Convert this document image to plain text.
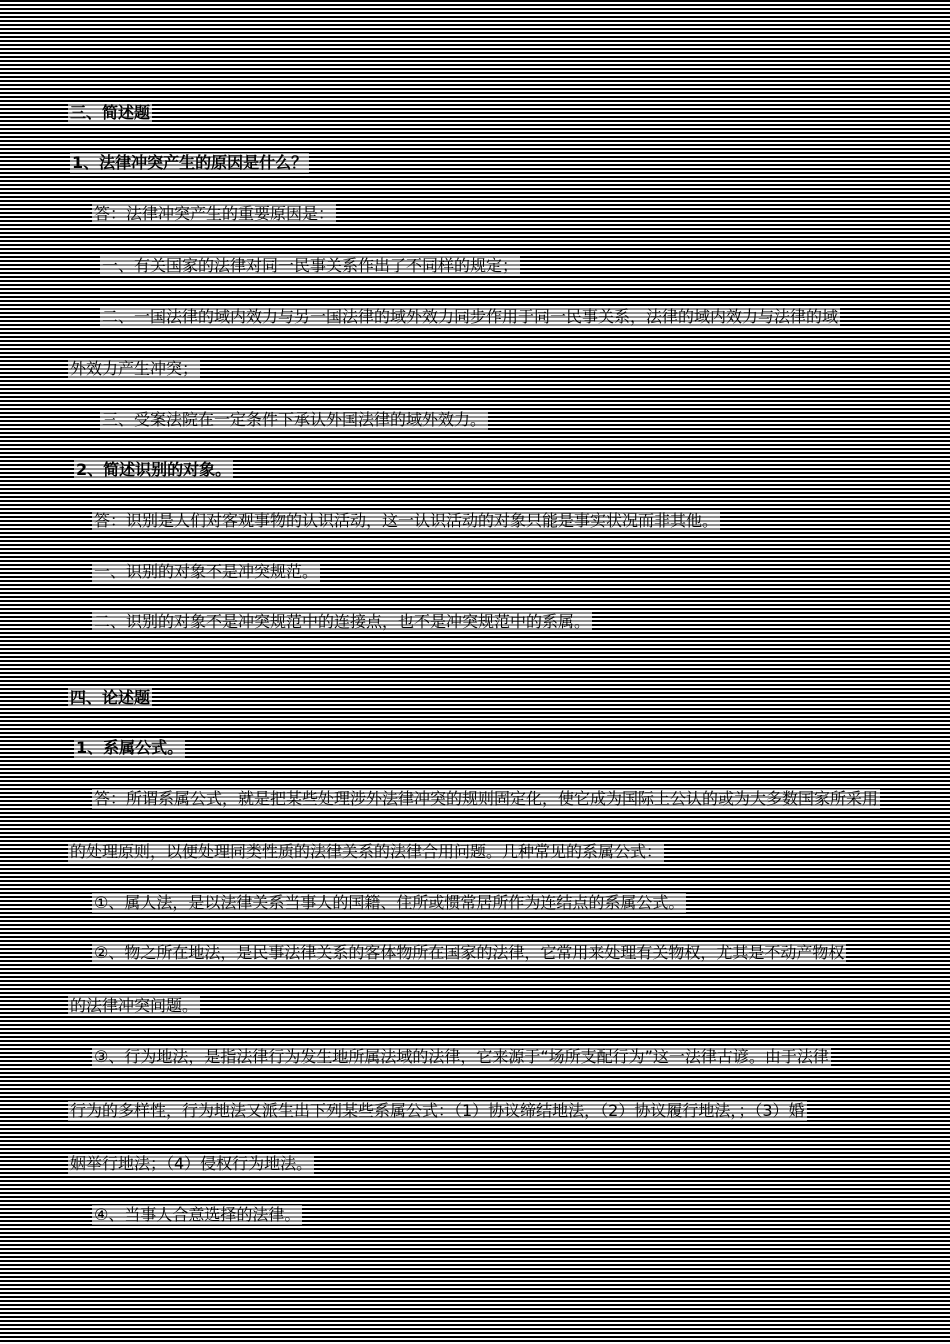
三、简述题
1、法律冲突产生的原因是什么？
答：法律冲突产生的重要原因是：
一、有关国家的法律对同一民事关系作出了不同样的规定；
二、一国法律的域内效力与另一国法律的域外效力同步作用于同一民事关系，法律的域内效力与法律的域
外效力产生冲突；
三、受案法院在一定条件下承认外国法律的域外效力。
2、简述识别的对象。
答：识别是人们对客观事物的认识活动，这一认识活动的对象只能是事实状况而非其他。
一、识别的对象不是冲突规范。
二、识别的对象不是冲突规范中的连接点，也不是冲突规范中的系属。
四、论述题
1、系属公式。
答：所谓系属公式，就是把某些处理涉外法律冲突的规则固定化，使它成为国际上公认的或为大多数国家所采用
的处理原则，以便处理同类性质的法律关系的法律合用问题。几种常见的系属公式：
①、属人法，是以法律关系当事人的国籍、住所或惯常居所作为连结点的系属公式。
②、物之所在地法，是民事法律关系的客体物所在国家的法律，它常用来处理有关物权，尤其是不动产物权
的法律冲突问题。
③、行为地法，是指法律行为发生地所属法域的法律，它来源于“场所支配行为”这一法律古谚。由于法律
行为的多样性，行为地法又派生出下列某些系属公式：（1）协议缔结地法，（2）协议履行地法，；（3）婚
姻举行地法；（4）侵权行为地法。
④、当事人合意选择的法律。
